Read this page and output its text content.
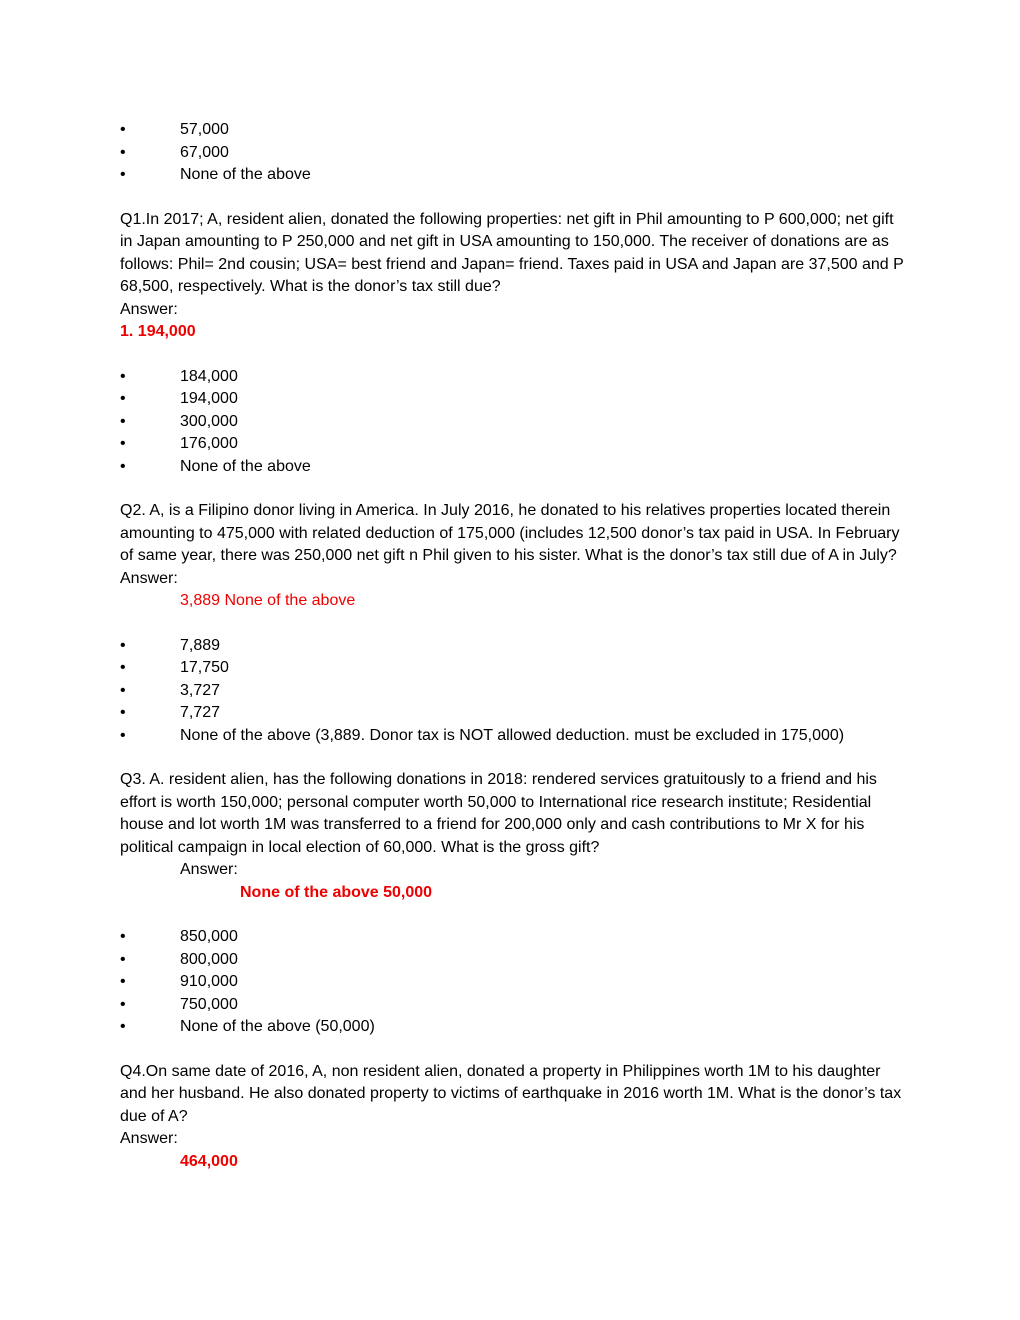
•	57,000
•	67,000
•	None of the above
Q1.In 2017; A, resident alien, donated the following properties: net gift in Phil amounting to P 600,000; net gift in Japan amounting to P 250,000 and net gift in USA amounting to 150,000. The receiver of donations are as follows: Phil= 2nd cousin; USA= best friend and Japan= friend. Taxes paid in USA and Japan are 37,500 and P 68,500, respectively. What is the donor’s tax still due?
Answer:
1. 194,000
•	184,000
•	194,000
•	300,000
•	176,000
•	None of the above
Q2. A, is a Filipino donor living in America. In July 2016, he donated to his relatives properties located therein amounting to 475,000 with related deduction of 175,000 (includes 12,500 donor’s tax paid in USA. In February of same year, there was 250,000 net gift n Phil given to his sister. What is the donor’s tax still due of A in July?
Answer:
3,889 None of the above
•	7,889
•	17,750
•	3,727
•	7,727
•	None of the above (3,889. Donor tax is NOT allowed deduction. must be excluded in 175,000)
Q3. A. resident alien, has the following donations in 2018: rendered services gratuitously to a friend and his effort is worth 150,000; personal computer worth 50,000 to International rice research institute; Residential house and lot worth 1M was transferred to a friend for 200,000 only and cash contributions to Mr X for his political campaign in local election of 60,000. What is the gross gift?
Answer:
None of the above 50,000
•	850,000
•	800,000
•	910,000
•	750,000
•	None of the above (50,000)
Q4.On same date of 2016, A, non resident alien, donated a property in Philippines worth 1M to his daughter and her husband. He also donated property to victims of earthquake in 2016 worth 1M. What is the donor’s tax due of A?
Answer:
464,000
